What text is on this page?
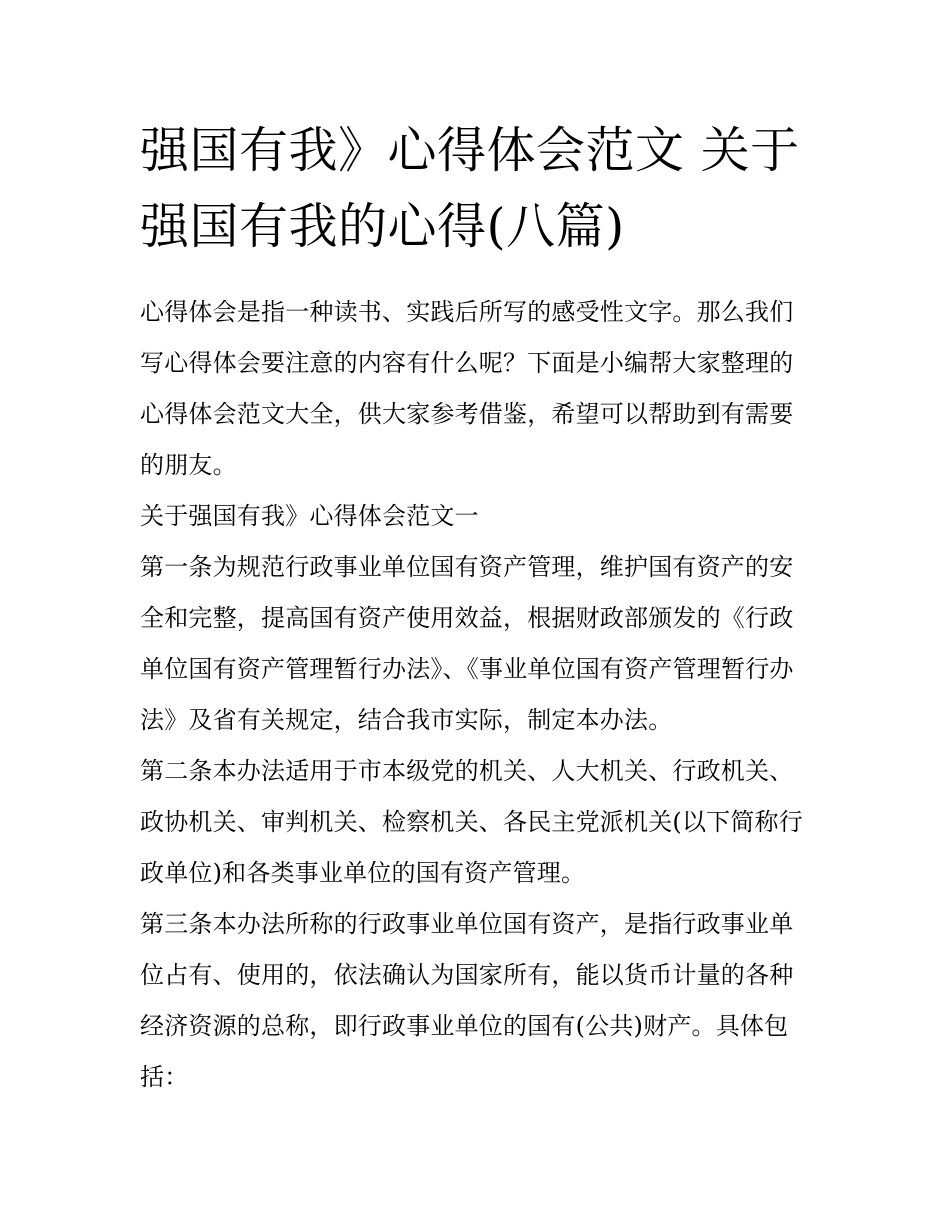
强国有我》心得体会范文 关于强国有我的心得(八篇)

心得体会是指一种读书、实践后所写的感受性文字。那么我们写心得体会要注意的内容有什么呢？下面是小编帮大家整理的心得体会范文大全，供大家参考借鉴，希望可以帮助到有需要的朋友。

关于强国有我》心得体会范文一

第一条为规范行政事业单位国有资产管理，维护国有资产的安全和完整，提高国有资产使用效益，根据财政部颁发的《行政单位国有资产管理暂行办法》、《事业单位国有资产管理暂行办法》及省有关规定，结合我市实际，制定本办法。

第二条本办法适用于市本级党的机关、人大机关、行政机关、政协机关、审判机关、检察机关、各民主党派机关(以下简称行政单位)和各类事业单位的国有资产管理。

第三条本办法所称的行政事业单位国有资产，是指行政事业单位占有、使用的，依法确认为国家所有，能以货币计量的各种经济资源的总称，即行政事业单位的国有(公共)财产。具体包括：
